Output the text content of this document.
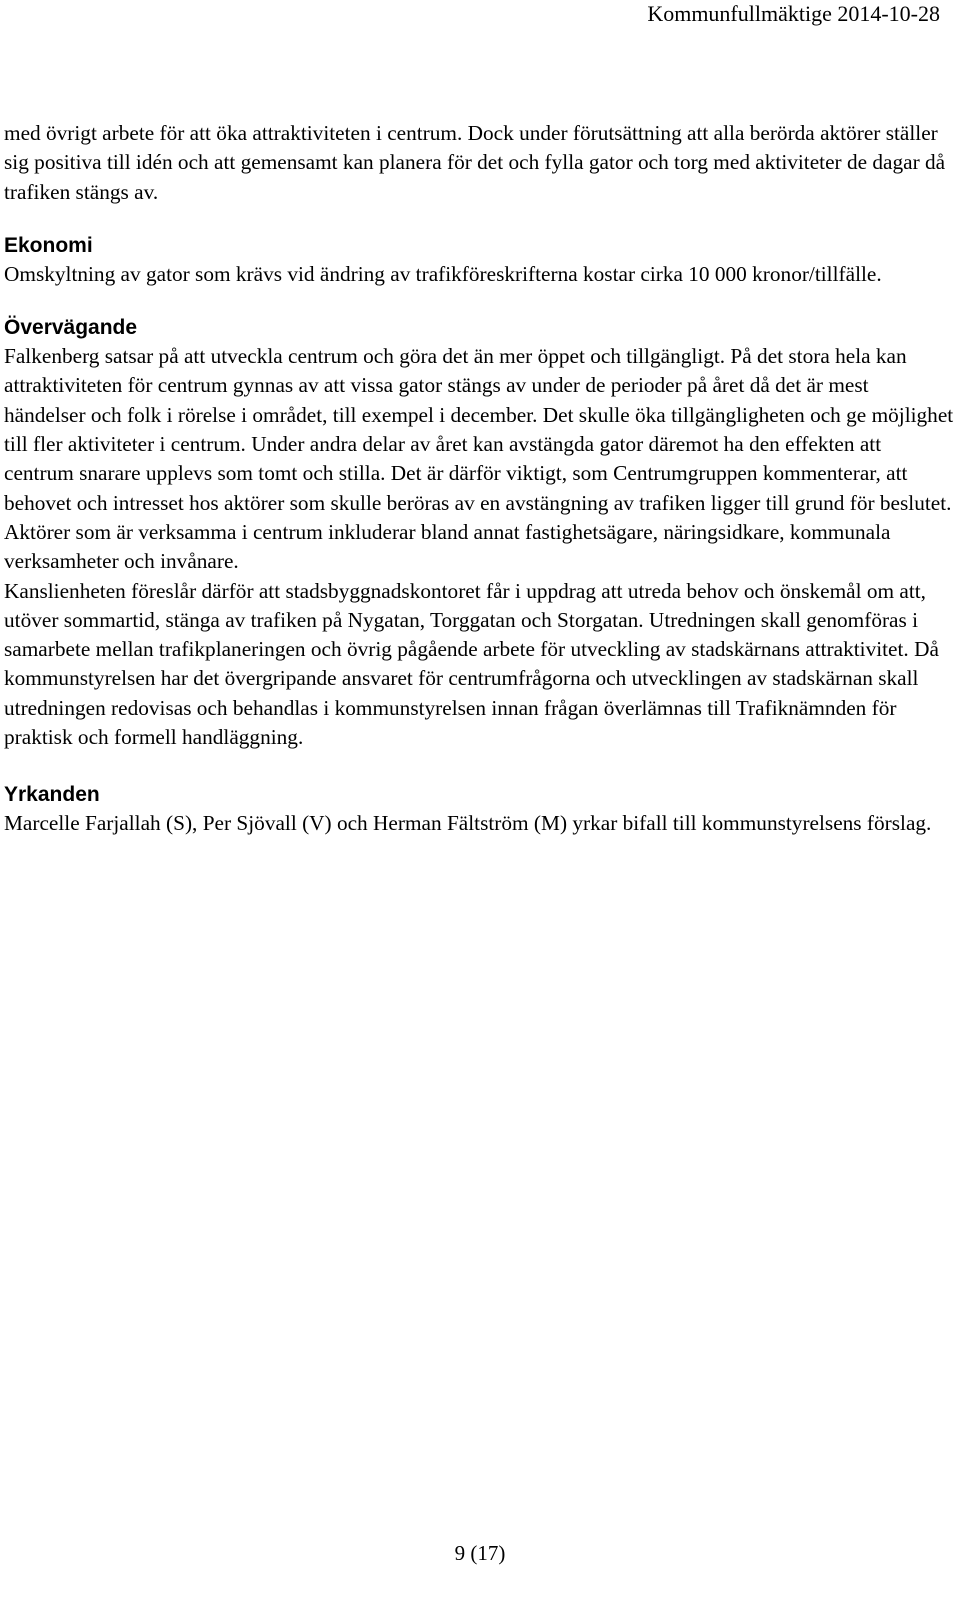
Kommunfullmäktige 2014-10-28

med övrigt arbete för att öka attraktiviteten i centrum. Dock under förutsättning att alla berörda aktörer ställer sig positiva till idén och att gemensamt kan planera för det och fylla gator och torg med aktiviteter de dagar då trafiken stängs av.

Ekonomi

Omskyltning av gator som krävs vid ändring av trafikföreskrifterna kostar cirka 10 000 kronor/tillfälle.

Övervägande

Falkenberg satsar på att utveckla centrum och göra det än mer öppet och tillgängligt. På det stora hela kan attraktiviteten för centrum gynnas av att vissa gator stängs av under de perioder på året då det är mest händelser och folk i rörelse i området, till exempel i december. Det skulle öka tillgängligheten och ge möjlighet till fler aktiviteter i centrum. Under andra delar av året kan avstängda gator däremot ha den effekten att centrum snarare upplevs som tomt och stilla. Det är därför viktigt, som Centrumgruppen kommenterar, att behovet och intresset hos aktörer som skulle beröras av en avstängning av trafiken ligger till grund för beslutet. Aktörer som är verksamma i centrum inkluderar bland annat fastighetsägare, näringsidkare, kommunala verksamheter och invånare.

Kanslienheten föreslår därför att stadsbyggnadskontoret får i uppdrag att utreda behov och önskemål om att, utöver sommartid, stänga av trafiken på Nygatan, Torggatan och Storgatan. Utredningen skall genomföras i samarbete mellan trafikplaneringen och övrig pågående arbete för utveckling av stadskärnans attraktivitet. Då kommunstyrelsen har det övergripande ansvaret för centrumfrågorna och utvecklingen av stadskärnan skall utredningen redovisas och behandlas i kommunstyrelsen innan frågan överlämnas till Trafiknämnden för praktisk och formell handläggning.

Yrkanden

Marcelle Farjallah (S), Per Sjövall (V) och Herman Fältström (M) yrkar bifall till kommunstyrelsens förslag.

9 (17)
